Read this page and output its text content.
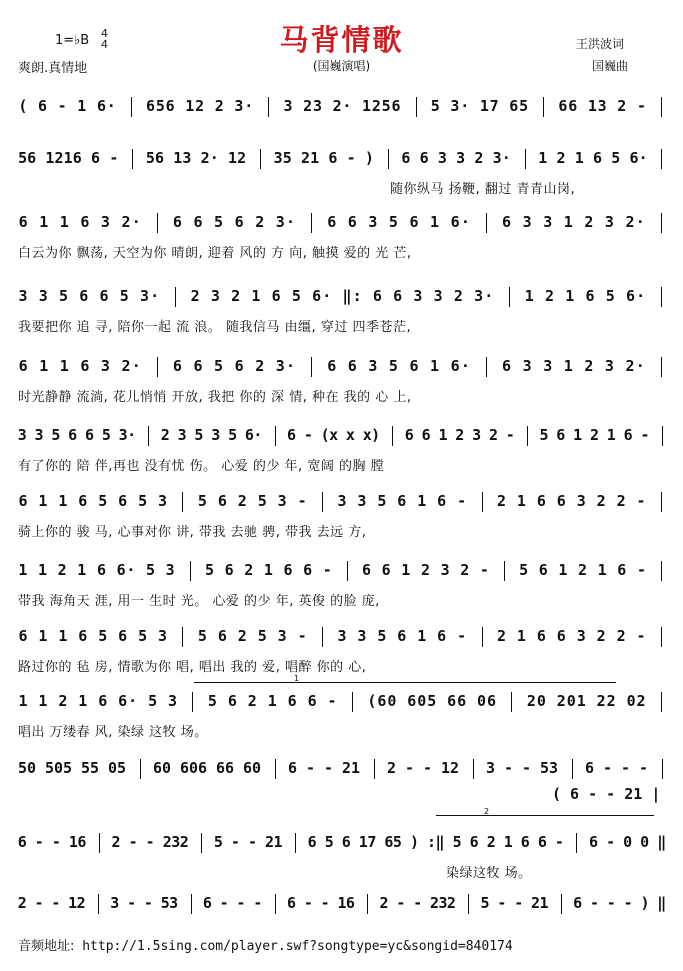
马背情歌
1=♭B 4
4
爽朗.真情地	(国巍演唱)
王洪波词
国巍曲
( 6 - 1 6 · 6 5 6 1 2 2 3 · 3 2 3 2 · 1 2 5 6 5 3 · 1 7 6 5 6 6 1 3 2 -
5 6 1 2 1 6 6 - 5 6 1 3 2 · 1 2 3 5 2 1 6 - ) 6 6 3 3 2 3 · 1 2 1 6 5 6 ·
随你纵马 扬鞭, 翻过 青青山岗,
6 1 1 6 3 2 · 6 6 5 6 2 3 · 6 6 3 5 6 1 6 · 6 3 3 1 2 3 2 ·
白云为你 飘荡, 天空为你 晴朗, 迎着 风的 方 向, 触摸 爱的 光 芒,
3 3 5 6 6 5 3 · 2 3 2 1 6 5 6 · ‖ : 6 6 3 3 2 3 · 1 2 1 6 5 6 ·
我要把你 追 寻, 陪你一起 流 浪。 随我信马 由缰, 穿过 四季苍茫,
6 1 1 6 3 2 · 6 6 5 6 2 3 · 6 6 3 5 6 1 6 · 6 3 3 1 2 3 2 ·
时光静静 流淌, 花儿悄悄 开放, 我把 你的 深 情, 种在 我的 心 上,
3 3 5 6 6 5 3 · 2 3 5 3 5 6 · 6 - ( x x x ) 6 6 1 2 3 2 - 5 6 1 2 1 6 -
有了你的 陪 伴,再也 没有忧 伤。 心爱 的少 年, 宽阔 的胸 膛
6 1 1 6 5 6 5 3 5 6 2 5 3 - 3 3 5 6 1 6 - 2 1 6 6 3 2 2 -
骑上你的 骏 马, 心事对你 讲, 带我 去驰 骋, 带我 去远 方,
1 1 2 1 6 6 · 5 3 5 6 2 1 6 6 - 6 6 1 2 3 2 - 5 6 1 2 1 6 -
带我 海角天 涯, 用一 生时 光。 心爱 的少 年, 英俊 的脸 庞,
6 1 1 6 5 6 5 3 5 6 2 5 3 - 3 3 5 6 1 6 - 2 1 6 6 3 2 2 -
路过你的 毡 房, 情歌为你 唱, 唱出 我的 爱, 唱醉 你的 心,
1
1 1 2 1 6 6 · 5 3 5 6 2 1 6 6 - ( 6 0 6 0 5 6 6 0 6 2 0 2 0 1 2 2 0 2
唱出 万缕春 风, 染绿 这牧 场。
5 0 5 0 5 5 5 0 5 6 0 6 0 6 6 6 6 0 6 - - 2 1 2 - - 1 2 3 - - 5 3 6 - - -
( 6 - - 21 |
2
6 - - 1 6 2 - - 2 3 2 5 - - 2 1 6 5 6 1 7 6 5 ) : ‖ 5 6 2 1 6 6 - 6 - 0 0 ‖
染绿这牧 场。
2 - - 1 2 3 - - 5 3 6 - - - 6 - - 1 6 2 - - 2 3 2 5 - - 2 1 6 - - - ) ‖
音频地址: http://1.5sing.com/player.swf?songtype=yc&songid=840174
